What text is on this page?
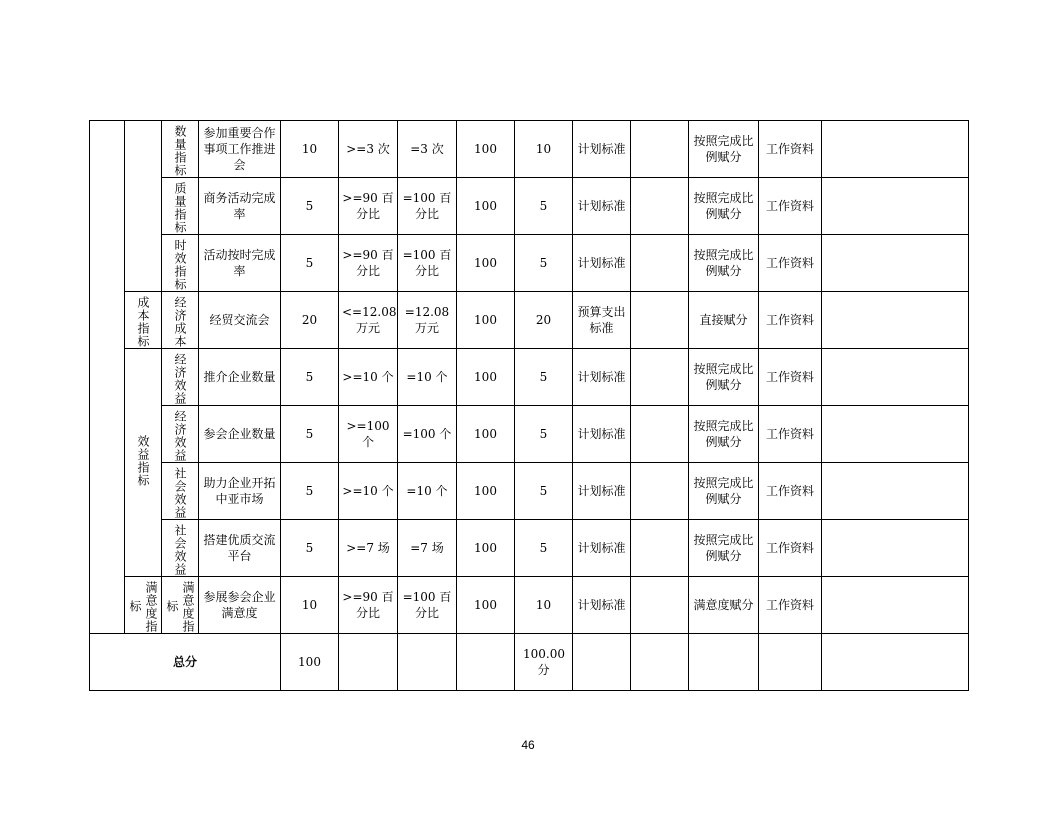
		数量指标	参加重要合作事项工作推进会	10	>=3 次	=3 次	100	10	计划标准		按照完成比例赋分	工作资料	

		质量指标	商务活动完成率	5	>=90 百分比	=100 百分比	100	5	计划标准		按照完成比例赋分	工作资料	

		时效指标	活动按时完成率	5	>=90 百分比	=100 百分比	100	5	计划标准		按照完成比例赋分	工作资料	

	成本指标	经济成本	经贸交流会	20	<=12.08 万元	=12.08 万元	100	20	预算支出标准		直接赋分	工作资料	

	效益指标	经济效益	推介企业数量	5	>=10 个	=10 个	100	5	计划标准		按照完成比例赋分	工作资料	

		经济效益	参会企业数量	5	>=100 个	=100 个	100	5	计划标准		按照完成比例赋分	工作资料	

		社会效益	助力企业开拓中亚市场	5	>=10 个	=10 个	100	5	计划标准		按照完成比例赋分	工作资料	

		社会效益	搭建优质交流平台	5	>=7 场	=7 场	100	5	计划标准		按照完成比例赋分	工作资料	

	满意度指标	满意度指标	参展参会企业满意度	10	>=90 百分比	=100 百分比	100	10	计划标准		满意度赋分	工作资料	

总分				100				100.00 分					

46
